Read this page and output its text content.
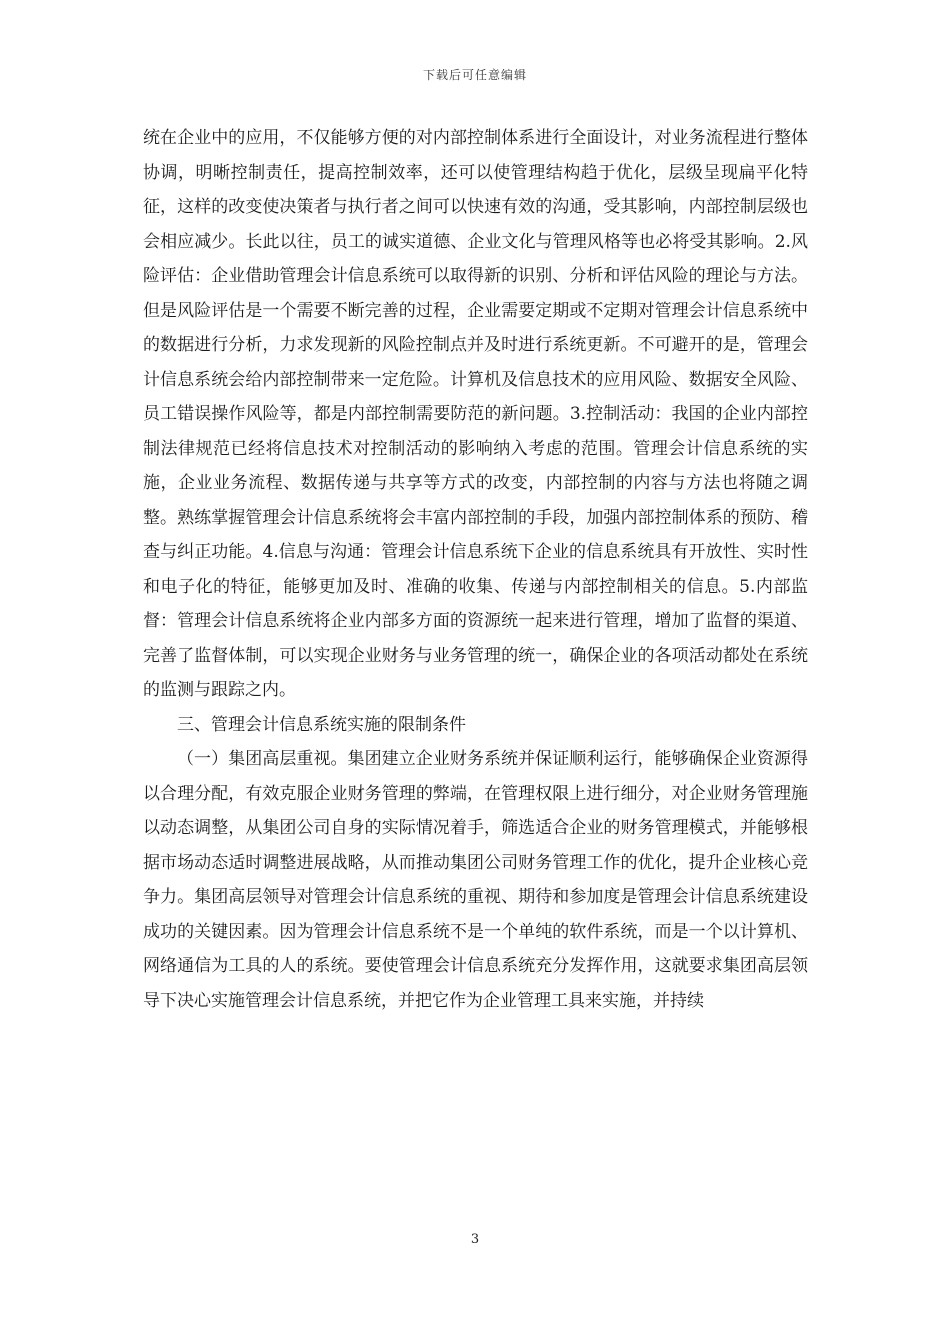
下载后可任意编辑

统在企业中的应用，不仅能够方便的对内部控制体系进行全面设计，对业务流程进行整体协调，明晰控制责任，提高控制效率，还可以使管理结构趋于优化，层级呈现扁平化特征，这样的改变使决策者与执行者之间可以快速有效的沟通，受其影响，内部控制层级也会相应减少。长此以往，员工的诚实道德、企业文化与管理风格等也必将受其影响。2.风险评估：企业借助管理会计信息系统可以取得新的识别、分析和评估风险的理论与方法。但是风险评估是一个需要不断完善的过程，企业需要定期或不定期对管理会计信息系统中的数据进行分析，力求发现新的风险控制点并及时进行系统更新。不可避开的是，管理会计信息系统会给内部控制带来一定危险。计算机及信息技术的应用风险、数据安全风险、员工错误操作风险等，都是内部控制需要防范的新问题。3.控制活动：我国的企业内部控制法律规范已经将信息技术对控制活动的影响纳入考虑的范围。管理会计信息系统的实施，企业业务流程、数据传递与共享等方式的改变，内部控制的内容与方法也将随之调整。熟练掌握管理会计信息系统将会丰富内部控制的手段，加强内部控制体系的预防、稽查与纠正功能。4.信息与沟通：管理会计信息系统下企业的信息系统具有开放性、实时性和电子化的特征，能够更加及时、准确的收集、传递与内部控制相关的信息。5.内部监督：管理会计信息系统将企业内部多方面的资源统一起来进行管理，增加了监督的渠道、完善了监督体制，可以实现企业财务与业务管理的统一，确保企业的各项活动都处在系统的监测与跟踪之内。

三、管理会计信息系统实施的限制条件

（一）集团高层重视。集团建立企业财务系统并保证顺利运行，能够确保企业资源得以合理分配，有效克服企业财务管理的弊端，在管理权限上进行细分，对企业财务管理施以动态调整，从集团公司自身的实际情况着手，筛选适合企业的财务管理模式，并能够根据市场动态适时调整进展战略，从而推动集团公司财务管理工作的优化，提升企业核心竞争力。集团高层领导对管理会计信息系统的重视、期待和参加度是管理会计信息系统建设成功的关键因素。因为管理会计信息系统不是一个单纯的软件系统，而是一个以计算机、网络通信为工具的人的系统。要使管理会计信息系统充分发挥作用，这就要求集团高层领导下决心实施管理会计信息系统，并把它作为企业管理工具来实施，并持续

3
